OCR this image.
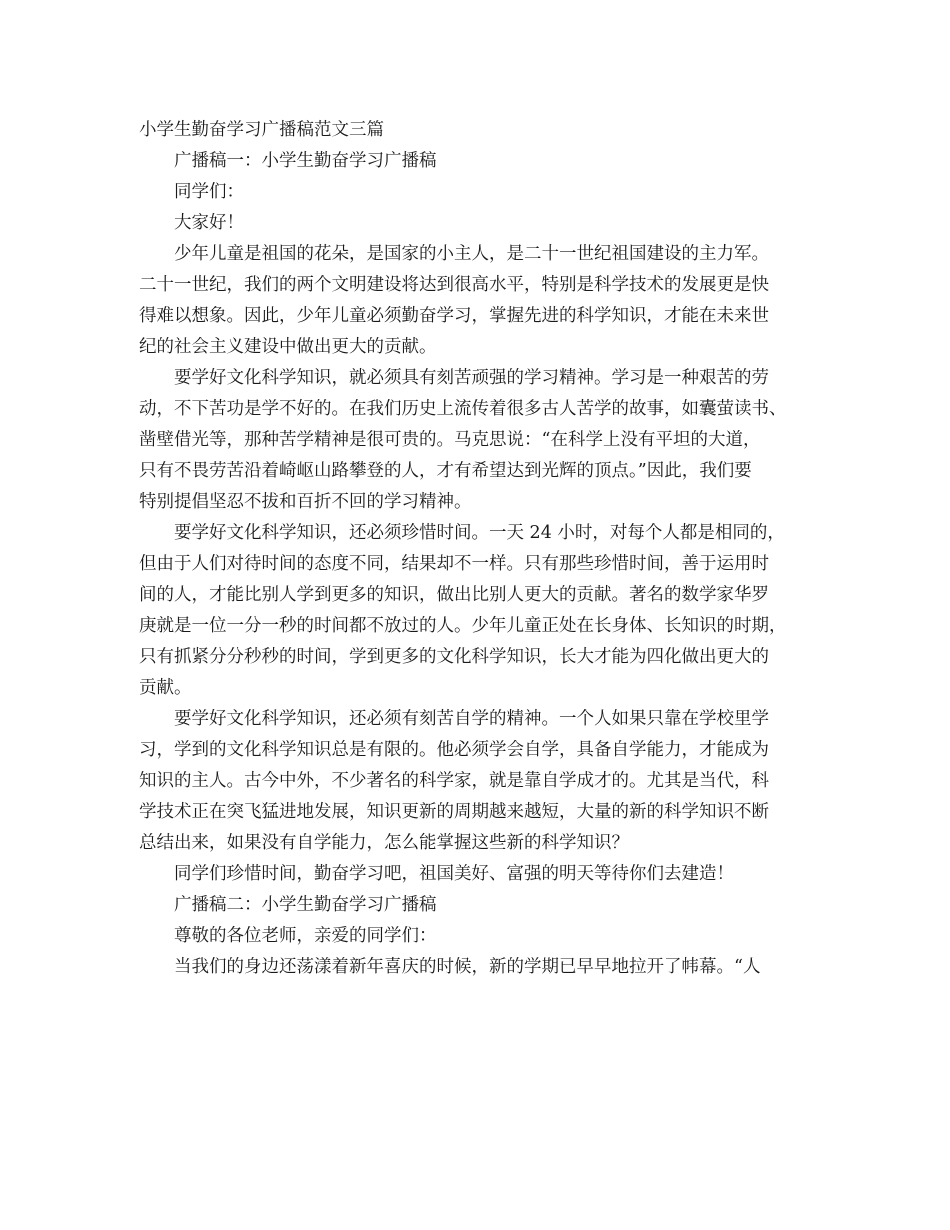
小学生勤奋学习广播稿范文三篇
广播稿一：小学生勤奋学习广播稿
同学们：
大家好！
少年儿童是祖国的花朵，是国家的小主人，是二十一世纪祖国建设的主力军。
二十一世纪，我们的两个文明建设将达到很高水平，特别是科学技术的发展更是快
得难以想象。因此，少年儿童必须勤奋学习，掌握先进的科学知识，才能在未来世
纪的社会主义建设中做出更大的贡献。
要学好文化科学知识，就必须具有刻苦顽强的学习精神。学习是一种艰苦的劳
动，不下苦功是学不好的。在我们历史上流传着很多古人苦学的故事，如囊萤读书、
凿壁借光等，那种苦学精神是很可贵的。马克思说：“在科学上没有平坦的大道，
只有不畏劳苦沿着崎岖山路攀登的人，才有希望达到光辉的顶点。”因此，我们要
特别提倡坚忍不拔和百折不回的学习精神。
要学好文化科学知识，还必须珍惜时间。一天 24 小时，对每个人都是相同的，
但由于人们对待时间的态度不同，结果却不一样。只有那些珍惜时间，善于运用时
间的人，才能比别人学到更多的知识，做出比别人更大的贡献。著名的数学家华罗
庚就是一位一分一秒的时间都不放过的人。少年儿童正处在长身体、长知识的时期，
只有抓紧分分秒秒的时间，学到更多的文化科学知识，长大才能为四化做出更大的
贡献。
要学好文化科学知识，还必须有刻苦自学的精神。一个人如果只靠在学校里学
习，学到的文化科学知识总是有限的。他必须学会自学，具备自学能力，才能成为
知识的主人。古今中外，不少著名的科学家，就是靠自学成才的。尤其是当代，科
学技术正在突飞猛进地发展，知识更新的周期越来越短，大量的新的科学知识不断
总结出来，如果没有自学能力，怎么能掌握这些新的科学知识？
同学们珍惜时间，勤奋学习吧，祖国美好、富强的明天等待你们去建造！
广播稿二：小学生勤奋学习广播稿
尊敬的各位老师，亲爱的同学们：
当我们的身边还荡漾着新年喜庆的时候，新的学期已早早地拉开了帏幕。“人
